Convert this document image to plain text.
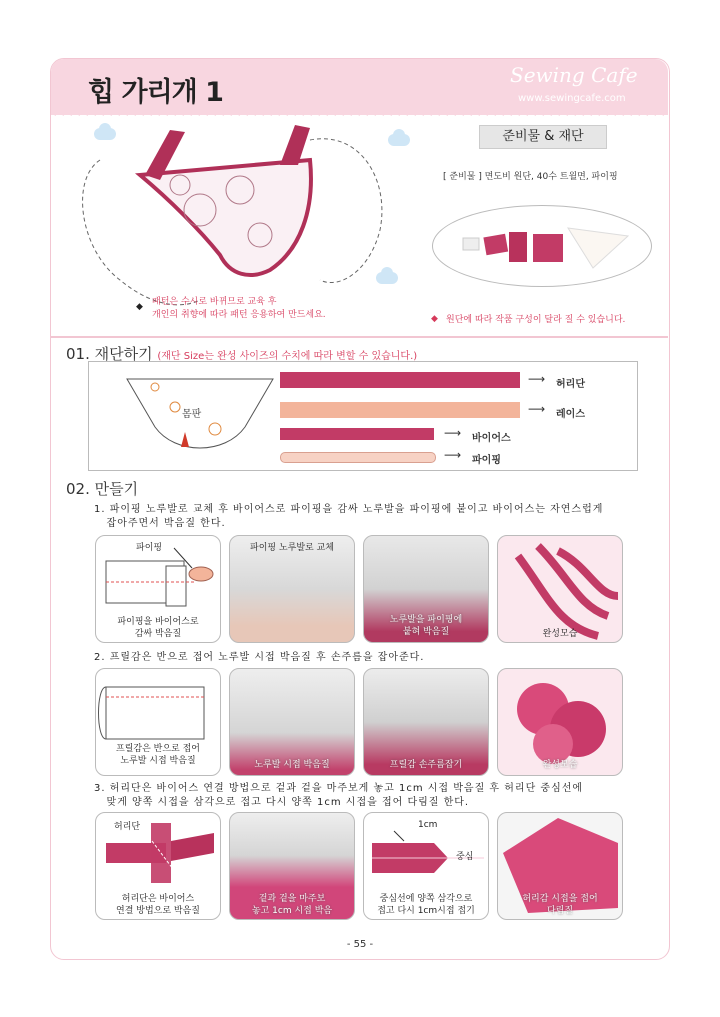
힙 가리개 1
Sewing Cafe
www.sewingcafe.com
준비물 & 재단
[ 준비물 ] 면도비 원단, 40수 트윌면, 파이핑
◆ 패턴은 수시로 바뀌므로 교육 후
개인의 취향에 따라 패턴 응용하여 만드세요.	◆ 원단에 따라 작품 구성이 달라 질 수 있습니다.
01. 재단하기 (재단 Size는 완성 사이즈의 수치에 따라 변할 수 있습니다.)
몸판
⟶ 허리단
⟶ 레이스
⟶ 바이어스
⟶ 파이핑
02. 만들기
1. 파이핑 노루발로 교체 후 바이어스로 파이핑을 감싸 노루발을 파이핑에 붙이고 바이어스는 자연스럽게
잡아주면서 박음질 한다.
파이핑
파이핑을 바이어스로
감싸 박음질
파이핑 노루발로 교체
노루발을 파이핑에
붙혀 박음질	완성모습
2. 프릴감은 반으로 접어 노루발 시접 박음질 후 손주름을 잡아준다.
프릴감은 반으로 접어
노루발 시접 박음질	노루발 시접 박음질	프릴감 손주름잡기	완성모습
3. 허리단은 바이어스 연결 방법으로 겉과 겉을 마주보게 놓고 1cm 시접 박음질 후 허리단 중심선에
맞게 양쪽 시접을 삼각으로 접고 다시 양쪽 1cm 시접을 접어 다림질 한다.
허리단
허리단은 바이어스
연결 방법으로 박음질
겉과 겉을 마주보
놓고 1cm 시접 박음
1cm
중심
중심선에 양쪽 삼각으로
접고 다시 1cm시접 접기
허리감 시접을 접어
다림질
- 55 -
